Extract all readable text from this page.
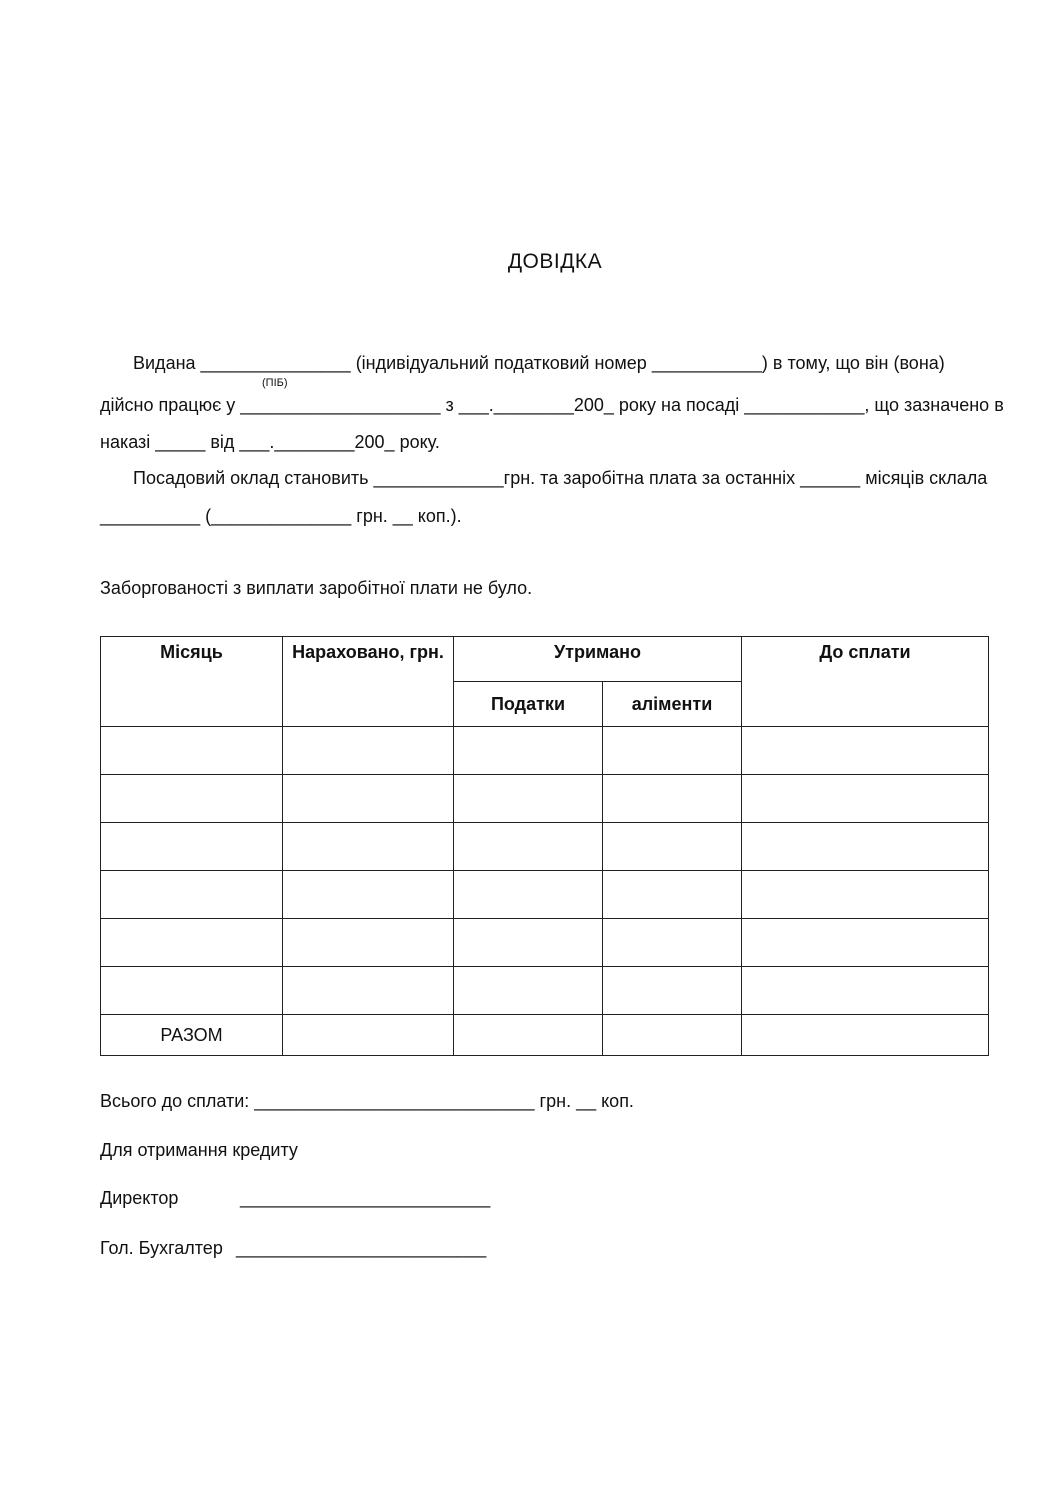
ДОВІДКА
Видана _______________ (індивідуальний податковий номер ___________) в тому, що він (вона)
(ПІБ)
дійсно працює у ____________________ з ___.________200_ року на посаді ____________, що зазначено в
наказі _____ від ___.________200_ року.
Посадовий оклад становить _____________грн. та заробітна плата за останніх ______ місяців склала
__________ (______________ грн. __ коп.).
Заборгованості з виплати заробітної плати не було.
Місяць	Нараховано, грн.	Утримано		До сплати
		Податки	аліменти	

РАЗОМ				
Всього до сплати: ____________________________ грн. __ коп.
Для отримання кредиту
Директор	_________________________
Гол. Бухгалтер _________________________
